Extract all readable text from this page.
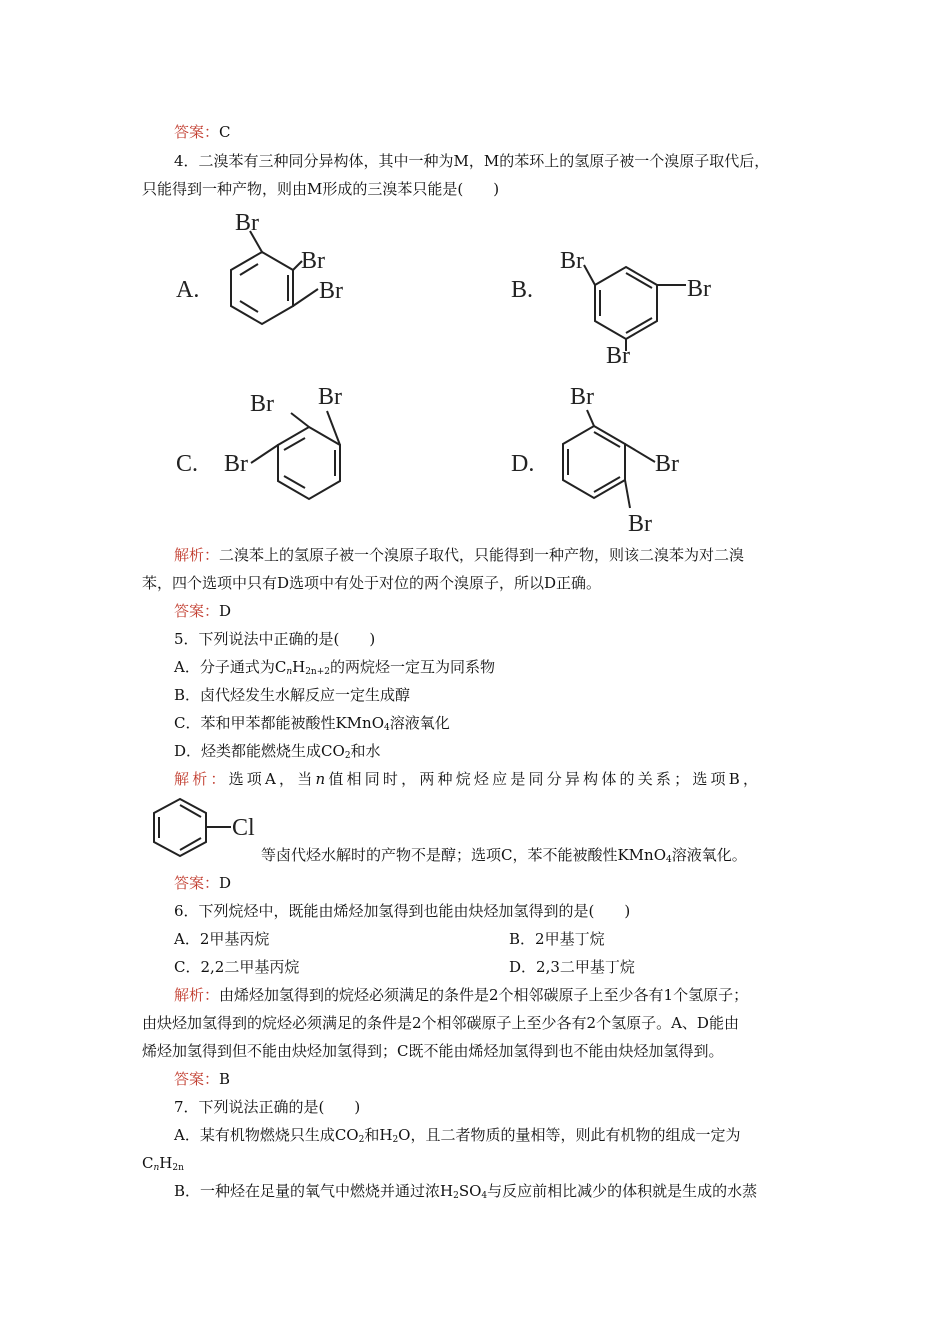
答案：C
4．二溴苯有三种同分异构体，其中一种为M，M的苯环上的氢原子被一个溴原子取代后，
只能得到一种产物，则由M形成的三溴苯只能是(　　)
A.
Br
Br
Br	B.
Br
Br
Br
C.
Br Br
Br	D.
Br
Br
Br
解析：二溴苯上的氢原子被一个溴原子取代，只能得到一种产物，则该二溴苯为对二溴
苯，四个选项中只有D选项中有处于对位的两个溴原子，所以D正确。
答案：D
5．下列说法中正确的是(　　)
A．分子通式为$C_nH_{2n+2}$的两烷烃一定互为同系物
B．卤代烃发生水解反应一定生成醇
C．苯和甲苯都能被酸性KMnO$_4$溶液氧化
D．烃类都能燃烧生成$CO_2$和水
解析：选项A，当n值相同时，两种烷烃应是同分异构体的关系；选项B，
Cl
等卤代烃水解时的产物不是醇；选项C，苯不能被酸性KMnO$_4$溶液氧化。
答案：D
6．下列烷烃中，既能由烯烃加氢得到也能由炔烃加氢得到的是(　　)
A．2甲基丙烷	B．2甲基丁烷
C．2,2二甲基丙烷	D．2,3二甲基丁烷
解析：由烯烃加氢得到的烷烃必须满足的条件是2个相邻碳原子上至少各有1个氢原子；
由炔烃加氢得到的烷烃必须满足的条件是2个相邻碳原子上至少各有2个氢原子。A、D能由
烯烃加氢得到但不能由炔烃加氢得到；C既不能由烯烃加氢得到也不能由炔烃加氢得到。
答案：B
7．下列说法正确的是(　　)
A．某有机物燃烧只生成$CO_2$和$H_2O$，且二者物质的量相等，则此有机物的组成一定为
$C_nH_{2n}$
B．一种烃在足量的氧气中燃烧并通过浓$H_2SO_4$与反应前相比减少的体积就是生成的水蒸
